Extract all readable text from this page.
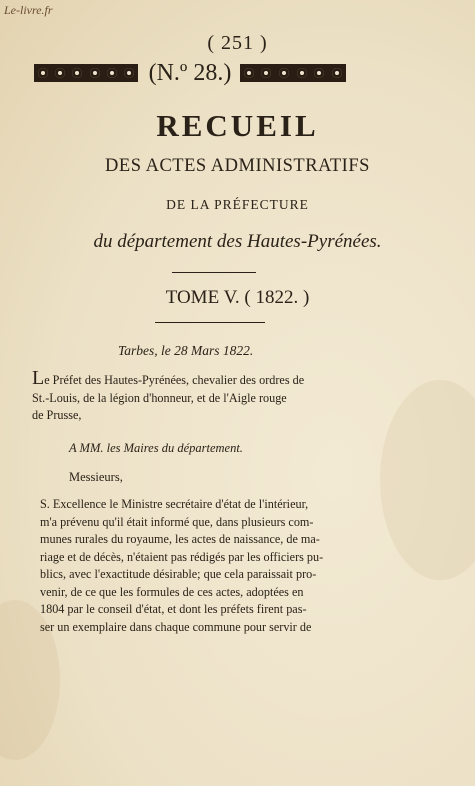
Le-livre.fr
( 251 )
(N.º 28.)
RECUEIL
DES ACTES ADMINISTRATIFS
DE LA PRÉFECTURE
du département des Hautes-Pyrénées.
TOME V. ( 1822. )
Tarbes, le 28 Mars 1822.

Le Préfet des Hautes-Pyrénées, chevalier des ordres de

St.-Louis, de la légion d'honneur, et de l'Aigle rouge

de Prusse,

A MM. les Maires du département.
Messieurs,

S. Excellence le Ministre secrétaire d'état de l'intérieur,

m'a prévenu qu'il était informé que, dans plusieurs com-

munes rurales du royaume, les actes de naissance, de ma-

riage et de décès, n'étaient pas rédigés par les officiers pu-

blics, avec l'exactitude désirable; que cela paraissait pro-

venir, de ce que les formules de ces actes, adoptées en

1804 par le conseil d'état, et dont les préfets firent pas-

ser un exemplaire dans chaque commune pour servir de
